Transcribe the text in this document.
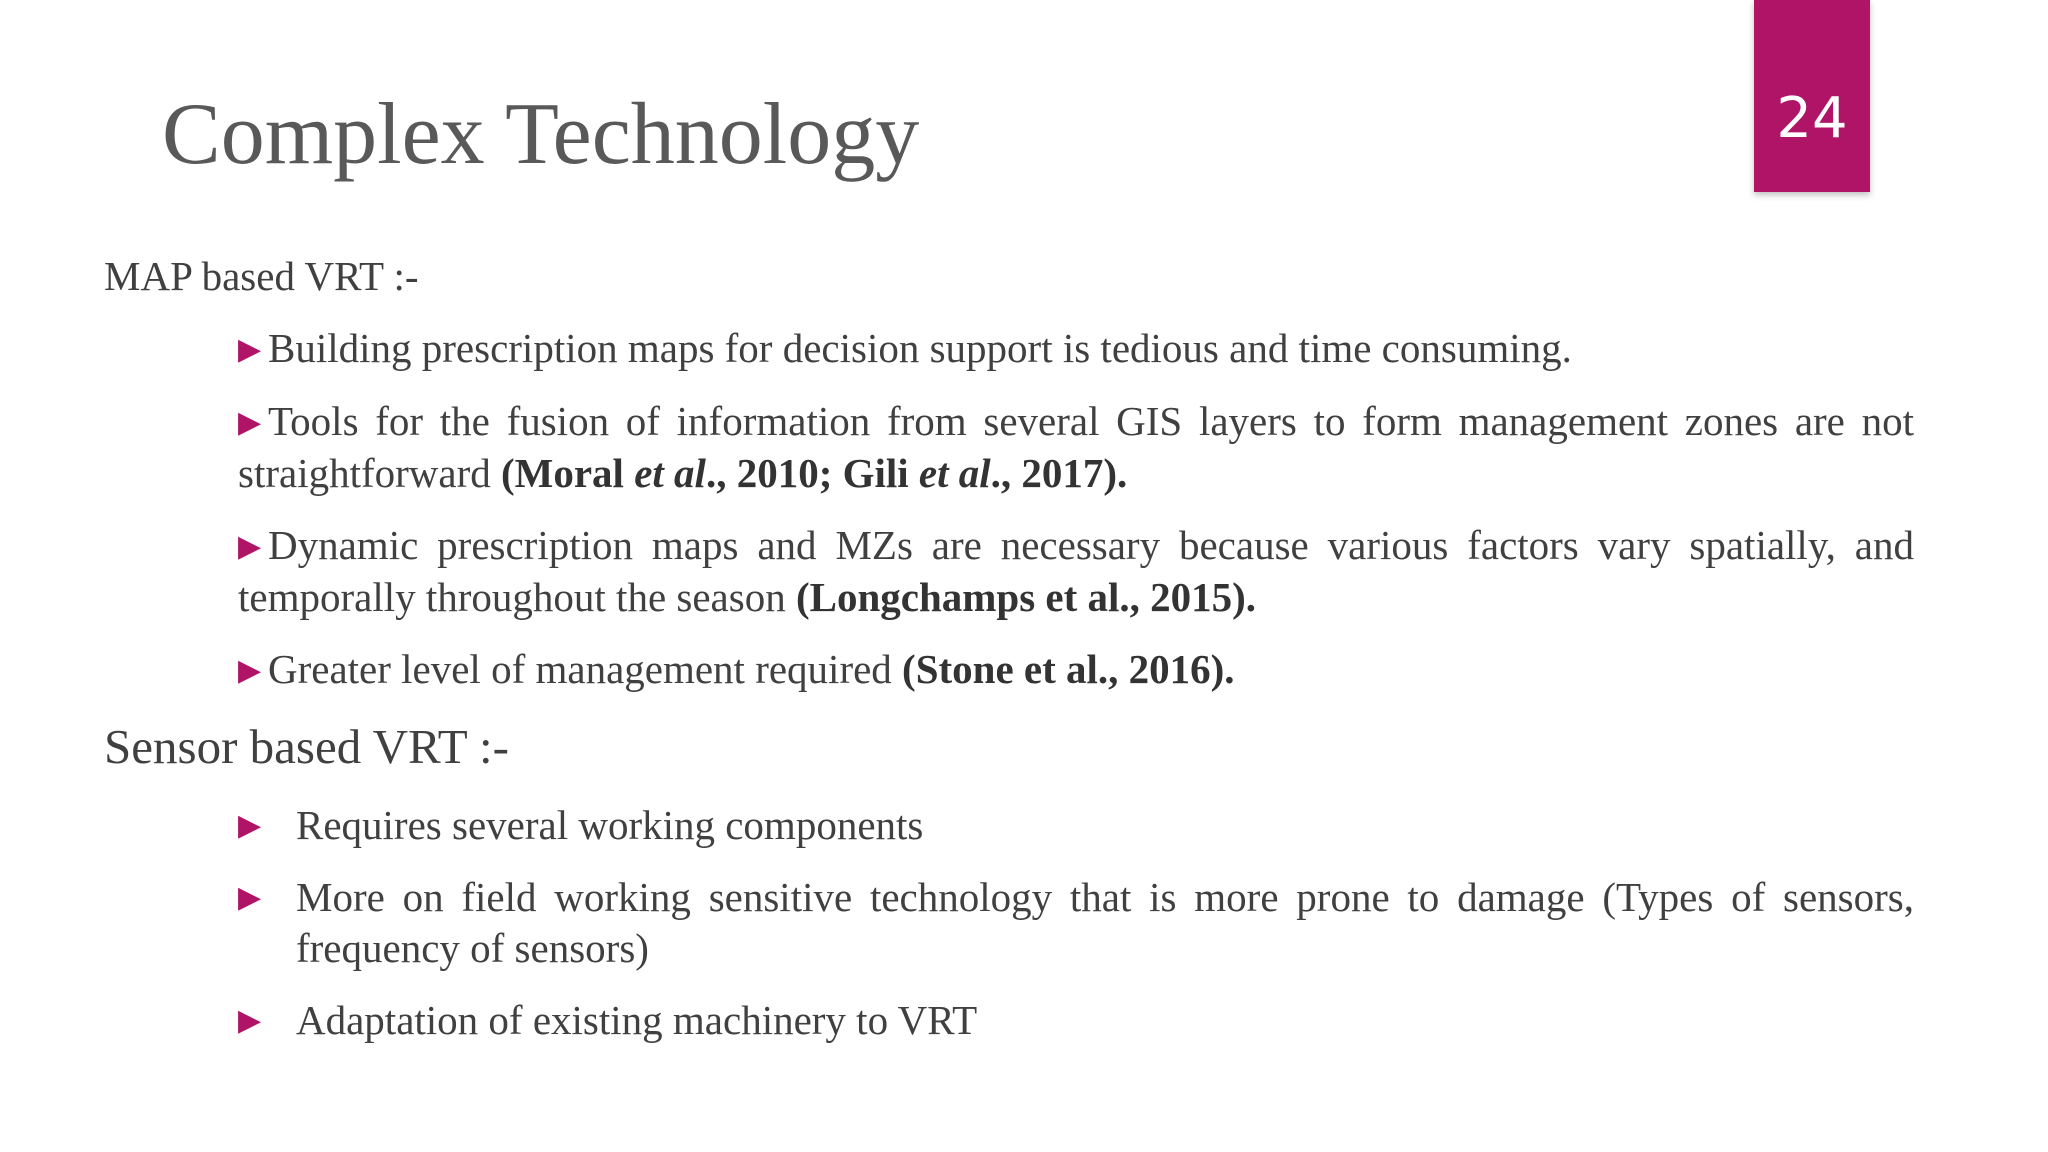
24
Complex Technology

MAP based VRT :-

▶ Building prescription maps for decision support is tedious and time consuming.
▶ Tools for the fusion of information from several GIS layers to form management zones are not straightforward (Moral et al., 2010; Gili et al., 2017).
▶ Dynamic prescription maps and MZs are necessary because various factors vary spatially, and temporally throughout the season (Longchamps et al., 2015).
▶ Greater level of management required (Stone et al., 2016).

Sensor based VRT :-

▶ Requires several working components
▶ More on field working sensitive technology that is more prone to damage (Types of sensors, frequency of sensors)
▶ Adaptation of existing machinery to VRT
